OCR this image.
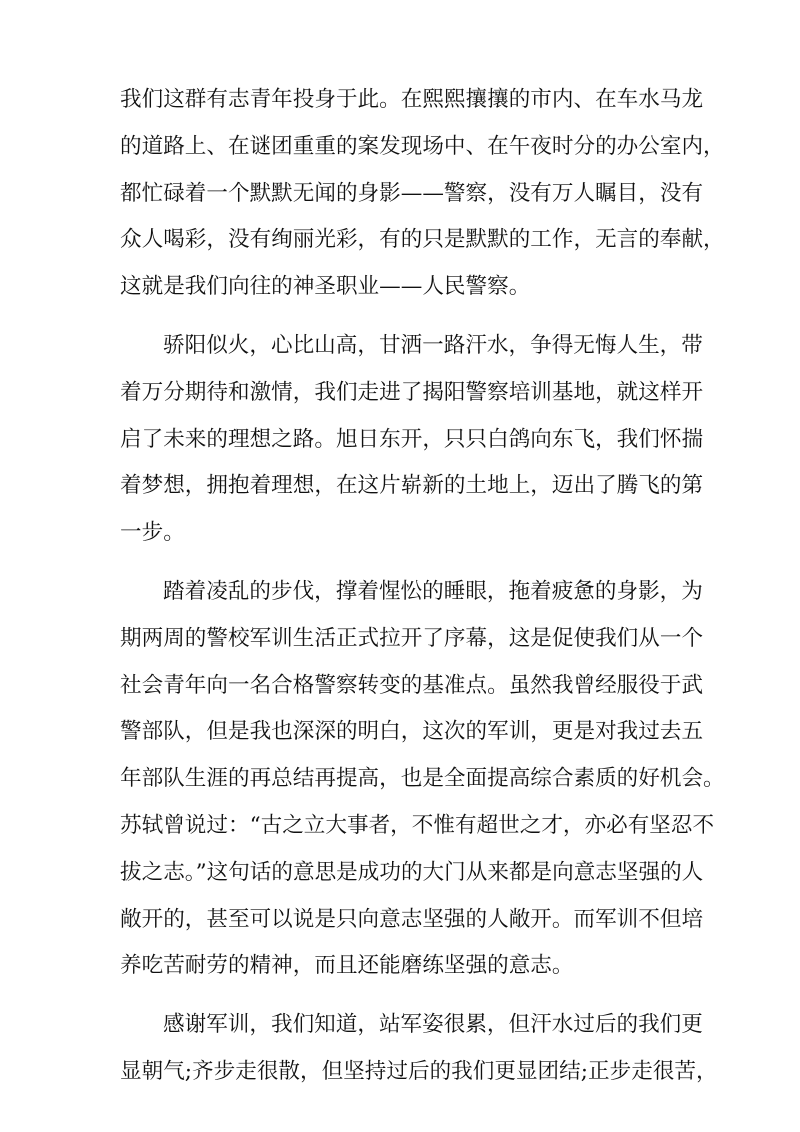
我们这群有志青年投身于此。在熙熙攘攘的市内、在车水马龙
的道路上、在谜团重重的案发现场中、在午夜时分的办公室内，
都忙碌着一个默默无闻的身影——警察，没有万人瞩目，没有
众人喝彩，没有绚丽光彩，有的只是默默的工作，无言的奉献，
这就是我们向往的神圣职业——人民警察。
骄阳似火，心比山高，甘洒一路汗水，争得无悔人生，带
着万分期待和激情，我们走进了揭阳警察培训基地，就这样开
启了未来的理想之路。旭日东开，只只白鸽向东飞，我们怀揣
着梦想，拥抱着理想，在这片崭新的土地上，迈出了腾飞的第
一步。
踏着凌乱的步伐，撑着惺忪的睡眼，拖着疲惫的身影，为
期两周的警校军训生活正式拉开了序幕，这是促使我们从一个
社会青年向一名合格警察转变的基准点。虽然我曾经服役于武
警部队，但是我也深深的明白，这次的军训，更是对我过去五
年部队生涯的再总结再提高，也是全面提高综合素质的好机会。
苏轼曾说过：“古之立大事者，不惟有超世之才，亦必有坚忍不
拔之志。”这句话的意思是成功的大门从来都是向意志坚强的人
敞开的，甚至可以说是只向意志坚强的人敞开。而军训不但培
养吃苦耐劳的精神，而且还能磨练坚强的意志。
感谢军训，我们知道，站军姿很累，但汗水过后的我们更
显朝气;齐步走很散，但坚持过后的我们更显团结;正步走很苦，
